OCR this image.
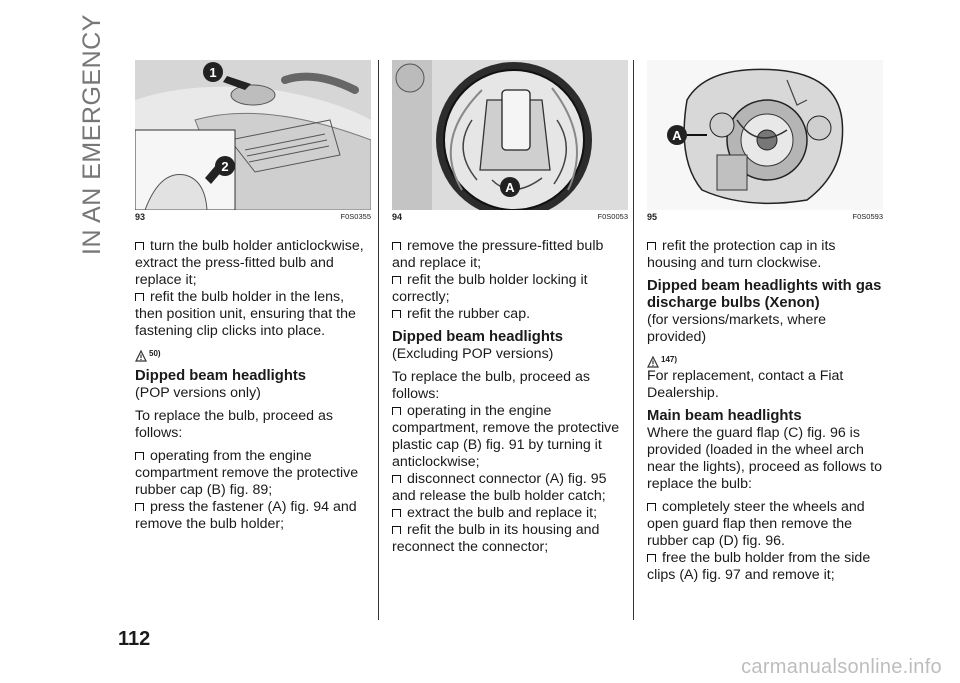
IN AN EMERGENCY	1
2
93	F0S0355
turn the bulb holder anticlockwise, extract the press-fitted bulb and replace it;
refit the bulb holder in the lens, then position unit, ensuring that the fastening clip clicks into place.
50)
Dipped beam headlights
(POP versions only)
To replace the bulb, proceed as follows:
operating from the engine compartment remove the protective rubber cap (B) fig. 89;
press the fastener (A) fig. 94 and remove the bulb holder;
A
94	F0S0053
remove the pressure-fitted bulb and replace it;
refit the bulb holder locking it correctly;
refit the rubber cap.
Dipped beam headlights
(Excluding POP versions)
To replace the bulb, proceed as follows:
operating in the engine compartment, remove the protective plastic cap (B) fig. 91 by turning it anticlockwise;
disconnect connector (A) fig. 95 and release the bulb holder catch;
extract the bulb and replace it;
refit the bulb in its housing and reconnect the connector;
A
95	F0S0593
refit the protection cap in its housing and turn clockwise.
Dipped beam headlights with gas discharge bulbs (Xenon)
(for versions/markets, where provided)
147)
For replacement, contact a Fiat Dealership.
Main beam headlights
Where the guard flap (C) fig. 96 is provided (loaded in the wheel arch near the lights), proceed as follows to replace the bulb:
completely steer the wheels and open guard flap then remove the rubber cap (D) fig. 96.
free the bulb holder from the side clips (A) fig. 97 and remove it;
112
carmanualsonline.info
